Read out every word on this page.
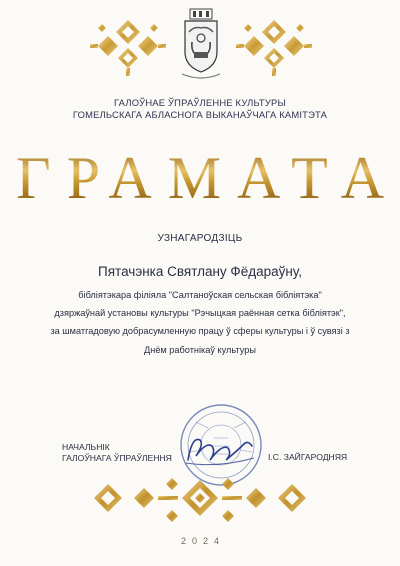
ГАЛОЎНАЕ ЎПРАЎЛЕННЕ КУЛЬТУРЫ
ГОМЕЛЬСКАГА АБЛАСНОГА ВЫКАНАЎЧАГА КАМІТЭТА
ГРАМАТА
УЗНАГАРОДЗІЦЬ
Пятачэнка Святлану Фёдараўну,
бібліятэкара філіяла "Салтаноўская сельская бібліятэка"
дзяржаўнай установы культуры "Рэчыцкая раённая сетка бібліятэк",
за шматгадовую добрасумленную працу ў сферы культуры і ў сувязі з
Днём работнікаў культуры
НАЧАЛЬНІК
ГАЛОЎНАГА ЎПРАЎЛЕННЯ	І.С. ЗАЙГАРОДНЯЯ
2024
